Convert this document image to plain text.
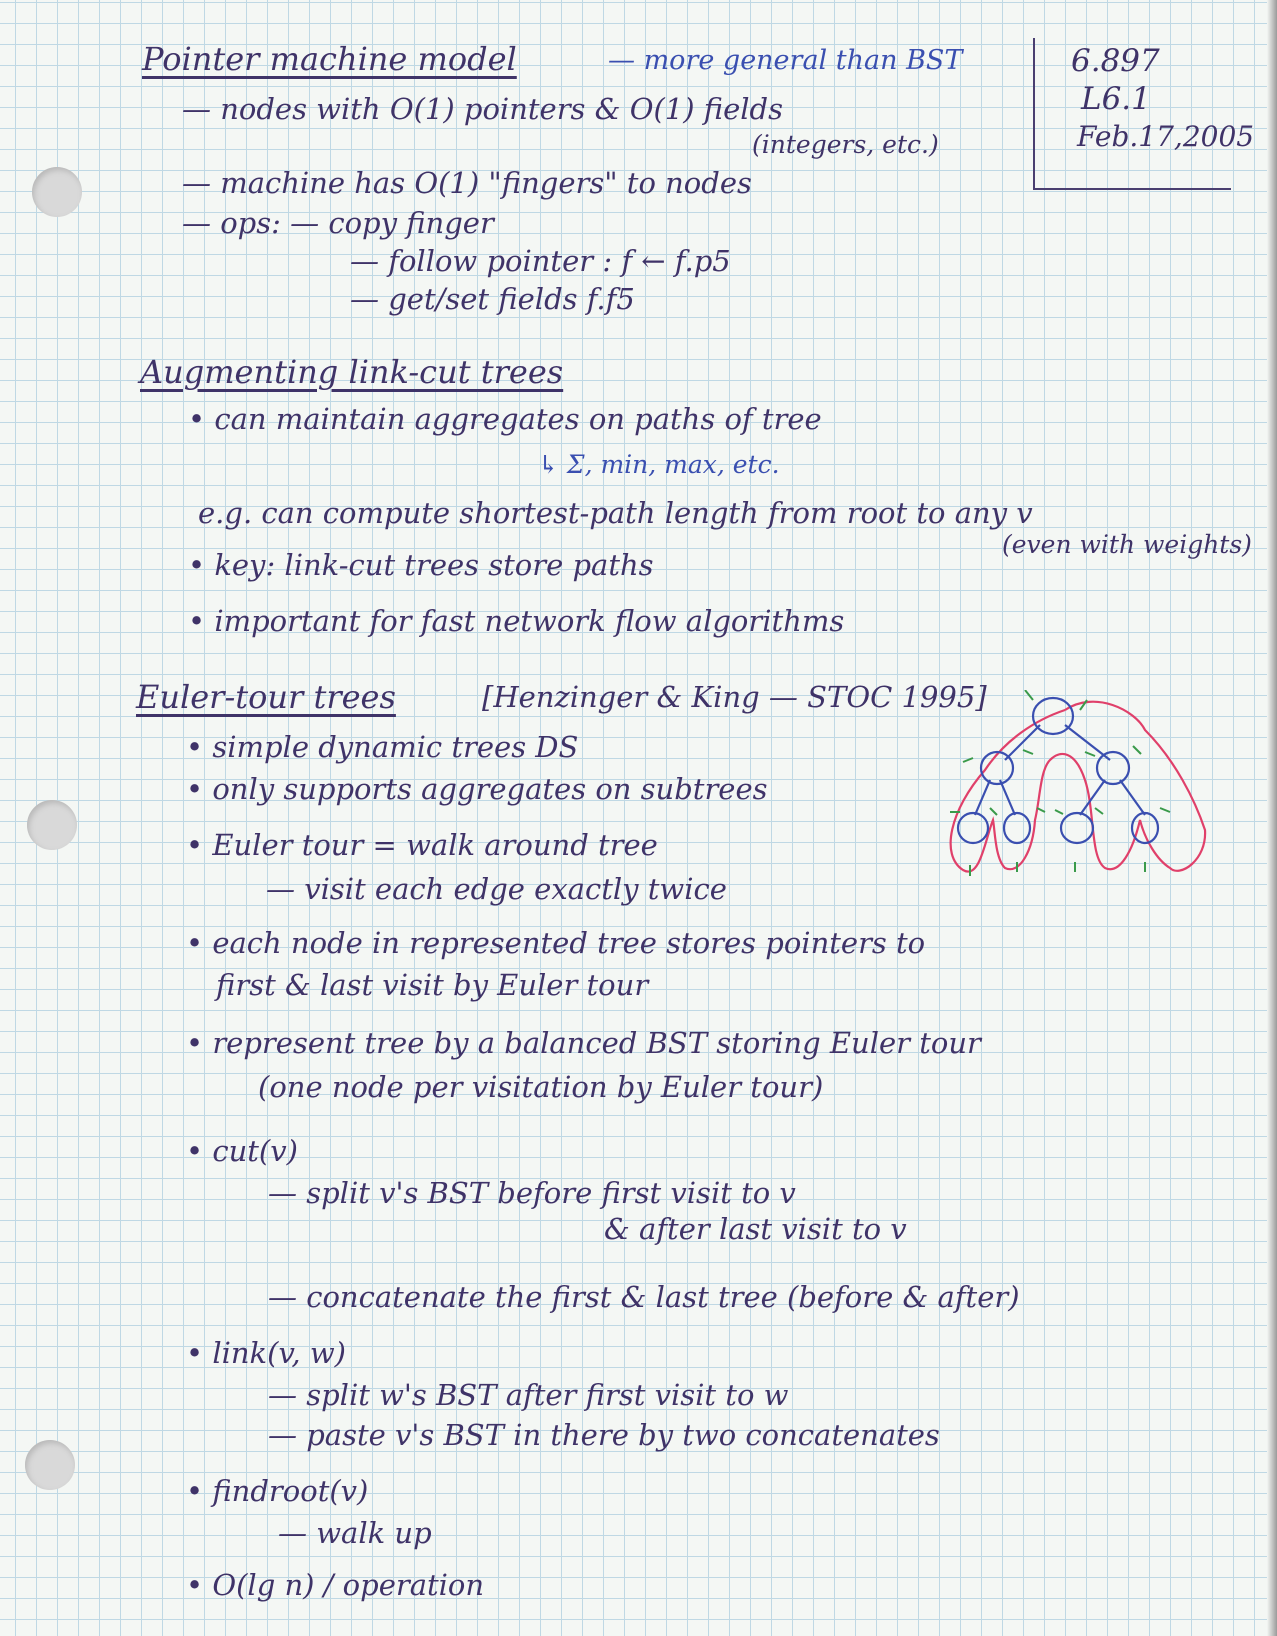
6.897
L6.1
Feb.17,2005
Pointer machine model	— more general than BST
— nodes with O(1) pointers & O(1) fields
(integers, etc.)
— machine has O(1) "fingers" to nodes
— ops: — copy finger
— follow pointer : f ← f.p5
— get/set fields f.f5
Augmenting link-cut trees
• can maintain aggregates on paths of tree
↳ Σ, min, max, etc.
e.g. can compute shortest-path length from root to any v
(even with weights)
• key: link-cut trees store paths
• important for fast network flow algorithms
Euler-tour trees	[Henzinger & King — STOC 1995]
• simple dynamic trees DS
• only supports aggregates on subtrees
• Euler tour = walk around tree
— visit each edge exactly twice
• each node in represented tree stores pointers to
first & last visit by Euler tour
• represent tree by a balanced BST storing Euler tour
(one node per visitation by Euler tour)
• cut(v)
— split v's BST before first visit to v
& after last visit to v
— concatenate the first & last tree (before & after)
• link(v, w)
— split w's BST after first visit to w
— paste v's BST in there by two concatenates
• findroot(v)
— walk up
• O(lg n) / operation
